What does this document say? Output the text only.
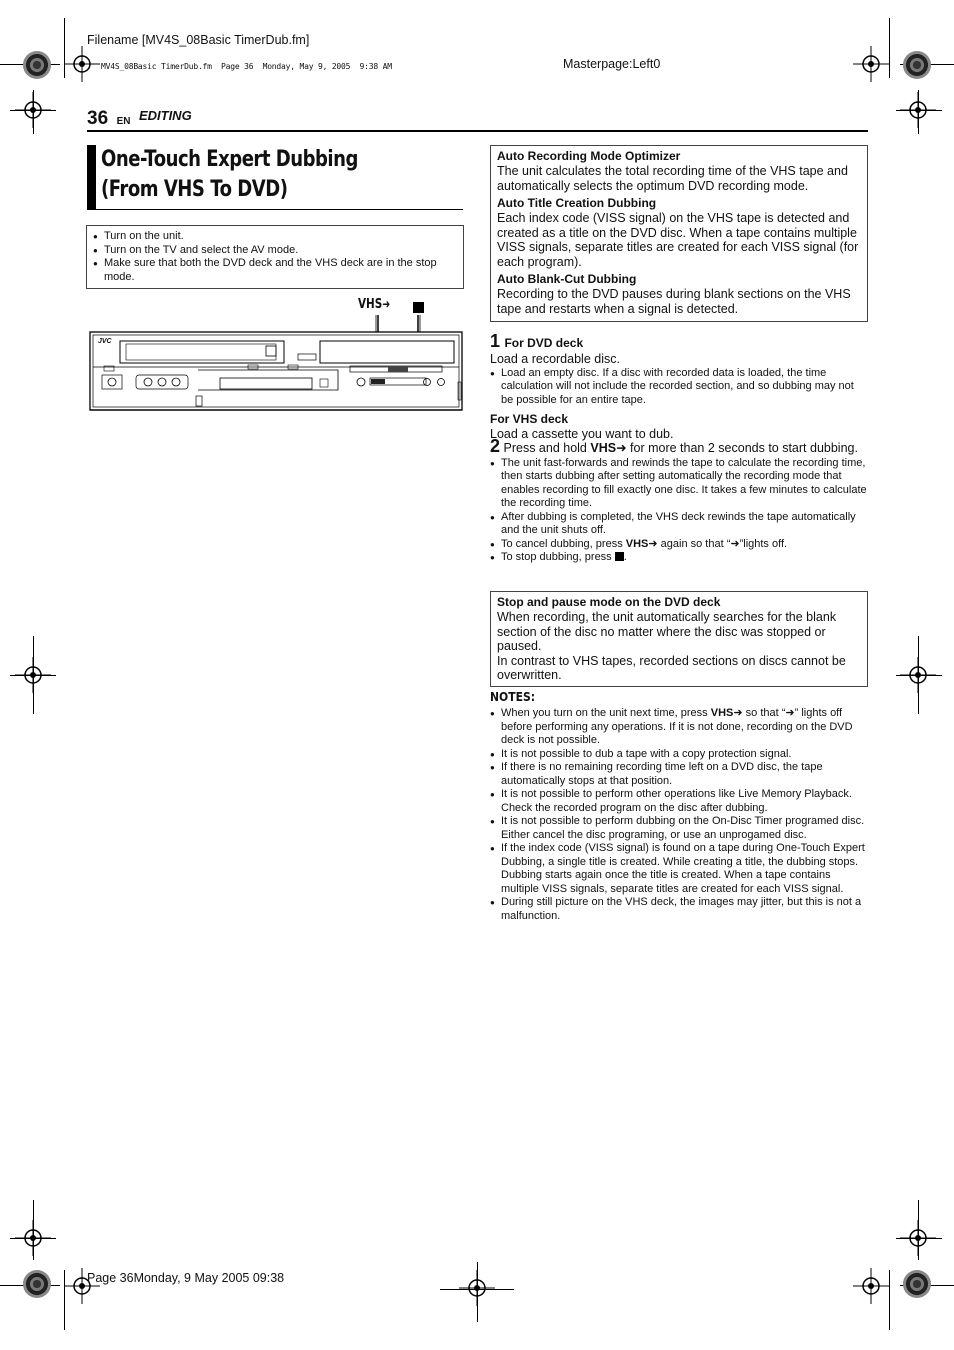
Filename [MV4S_08Basic TimerDub.fm]
Masterpage:Left0
MV4S_08Basic TimerDub.fm  Page 36  Monday, May 9, 2005  9:38 AM
36 EN $^{EDITING}$
One-Touch Expert Dubbing
(From VHS To DVD)
● Turn on the unit.
● Turn on the TV and select the AV mode.
● Make sure that both the DVD deck and the VHS deck are in the stop mode.
VHS➜
JVC
Auto Recording Mode Optimizer
The unit calculates the total recording time of the VHS tape and automatically selects the optimum DVD recording mode.
Auto Title Creation Dubbing
Each index code (VISS signal) on the VHS tape is detected and created as a title on the DVD disc. When a tape contains multiple VISS signals, separate titles are created for each VISS signal (for each program).
Auto Blank-Cut Dubbing
Recording to the DVD pauses during blank sections on the VHS tape and restarts when a signal is detected.
1 For DVD deck
Load a recordable disc.
● Load an empty disc. If a disc with recorded data is loaded, the time calculation will not include the recorded section, and so dubbing may not be possible for an entire tape.
For VHS deck
Load a cassette you want to dub.
2 Press and hold VHS➜ for more than 2 seconds to start dubbing.
● The unit fast-forwards and rewinds the tape to calculate the recording time, then starts dubbing after setting automatically the recording mode that enables recording to fill exactly one disc. It takes a few minutes to calculate the recording time.
● After dubbing is completed, the VHS deck rewinds the tape automatically and the unit shuts off.
● To cancel dubbing, press VHS➜ again so that “➜”lights off.
● To stop dubbing, press .
Stop and pause mode on the DVD deck
When recording, the unit automatically searches for the blank section of the disc no matter where the disc was stopped or paused.
In contrast to VHS tapes, recorded sections on discs cannot be overwritten.
NOTES:
● When you turn on the unit next time, press VHS➜ so that “➜” lights off before performing any operations. If it is not done, recording on the DVD deck is not possible.
● It is not possible to dub a tape with a copy protection signal.
● If there is no remaining recording time left on a DVD disc, the tape automatically stops at that position.
● It is not possible to perform other operations like Live Memory Playback. Check the recorded program on the disc after dubbing.
● It is not possible to perform dubbing on the On-Disc Timer programed disc. Either cancel the disc programing, or use an unprogamed disc.
● If the index code (VISS signal) is found on a tape during One-Touch Expert Dubbing, a single title is created. While creating a title, the dubbing stops. Dubbing starts again once the title is created. When a tape contains multiple VISS signals, separate titles are created for each VISS signal.
● During still picture on the VHS deck, the images may jitter, but this is not a malfunction.
Page 36Monday, 9 May 2005 09:38
